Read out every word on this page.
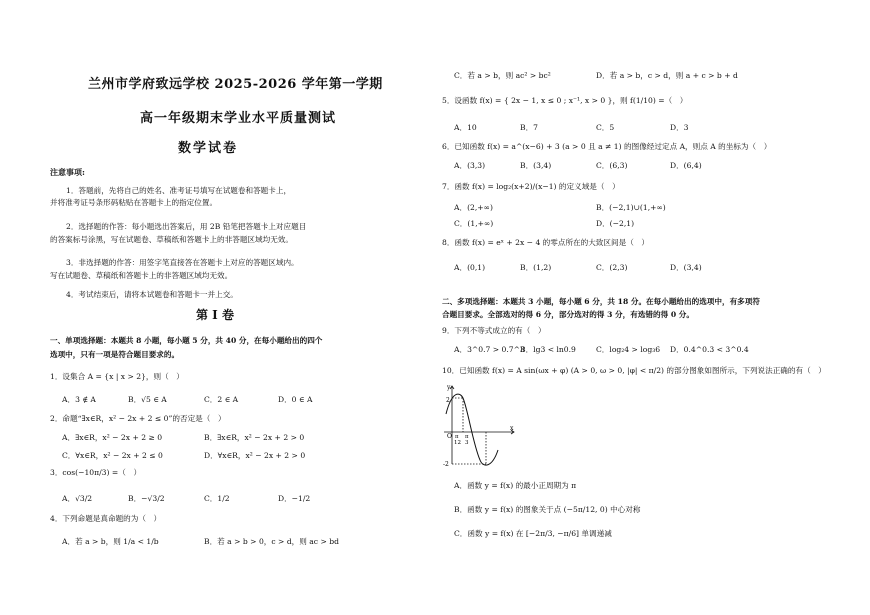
兰州市学府致远学校 2025-2026 学年第一学期
高一年级期末学业水平质量测试
数学试卷
注意事项:
1．答题前，先将自己的姓名、准考证号填写在试题卷和答题卡上，
并将准考证号条形码粘贴在答题卡上的指定位置。
2．选择题的作答：每小题选出答案后，用 2B 铅笔把答题卡上对应题目
的答案标号涂黑，写在试题卷、草稿纸和答题卡上的非答题区域均无效。
3．非选择题的作答：用签字笔直接答在答题卡上对应的答题区域内。
写在试题卷、草稿纸和答题卡上的非答题区域均无效。
4．考试结束后，请将本试题卷和答题卡一并上交。
第 I 卷
一、单项选择题：本题共 8 小题，每小题 5 分，共 40 分，在每小题给出的四个
选项中，只有一项是符合题目要求的。
1．设集合 A = {x | x > 2}，则（　）
A．3 ∉ A	B．√5 ∈ A	C．2 ∈ A	D．0 ∈ A
2．命题“∃x∈R，x² − 2x + 2 ≤ 0”的否定是（　）
A．∃x∈R，x² − 2x + 2 ≥ 0	B．∃x∈R，x² − 2x + 2 > 0
C．∀x∈R，x² − 2x + 2 ≤ 0	D．∀x∈R，x² − 2x + 2 > 0
3．cos(−10π/3) =（　）
A．√3/2	B．−√3/2	C．1/2	D．−1/2
4．下列命题是真命题的为（　）
A．若 a > b，则 1/a < 1/b	B．若 a > b > 0，c > d，则 ac > bd
C．若 a > b，则 ac² > bc²	D．若 a > b，c > d，则 a + c > b + d
5．设函数 f(x) = { 2x − 1, x ≤ 0 ; x⁻¹, x > 0 }，则 f(1/10) =（　）
A．10	B．7	C．5	D．3
6．已知函数 f(x) = a^(x−6) + 3 (a > 0 且 a ≠ 1) 的图像经过定点 A，则点 A 的坐标为（　）
A．(3,3)	B．(3,4)	C．(6,3)	D．(6,4)
7．函数 f(x) = log₂(x+2)/(x−1) 的定义域是（　）
A．(2,+∞)	B．(−2,1)∪(1,+∞)
C．(1,+∞)	D．(−2,1)
8．函数 f(x) = eˣ + 2x − 4 的零点所在的大致区间是（　）
A．(0,1)	B．(1,2)	C．(2,3)	D．(3,4)
二、多项选择题：本题共 3 小题，每小题 6 分，共 18 分。在每小题给出的选项中，有多项符
合题目要求。全部选对的得 6 分，部分选对的得 3 分，有选错的得 0 分。
9．下列不等式成立的有（　）
A．3^0.7 > 0.7^3
B．lg3 < ln0.9	C．log₂4 > log₃6 D．0.4^0.3 < 3^0.4
10．已知函数 f(x) = A sin(ωx + φ) (A > 0, ω > 0, |φ| < π/2) 的部分图象如图所示，下列说法正确的有（　）
y
x
2
-2
O π
12
π
3
A．函数 y = f(x) 的最小正周期为 π
B．函数 y = f(x) 的图象关于点 (−5π/12, 0) 中心对称
C．函数 y = f(x) 在 [−2π/3, −π/6] 单调递减
